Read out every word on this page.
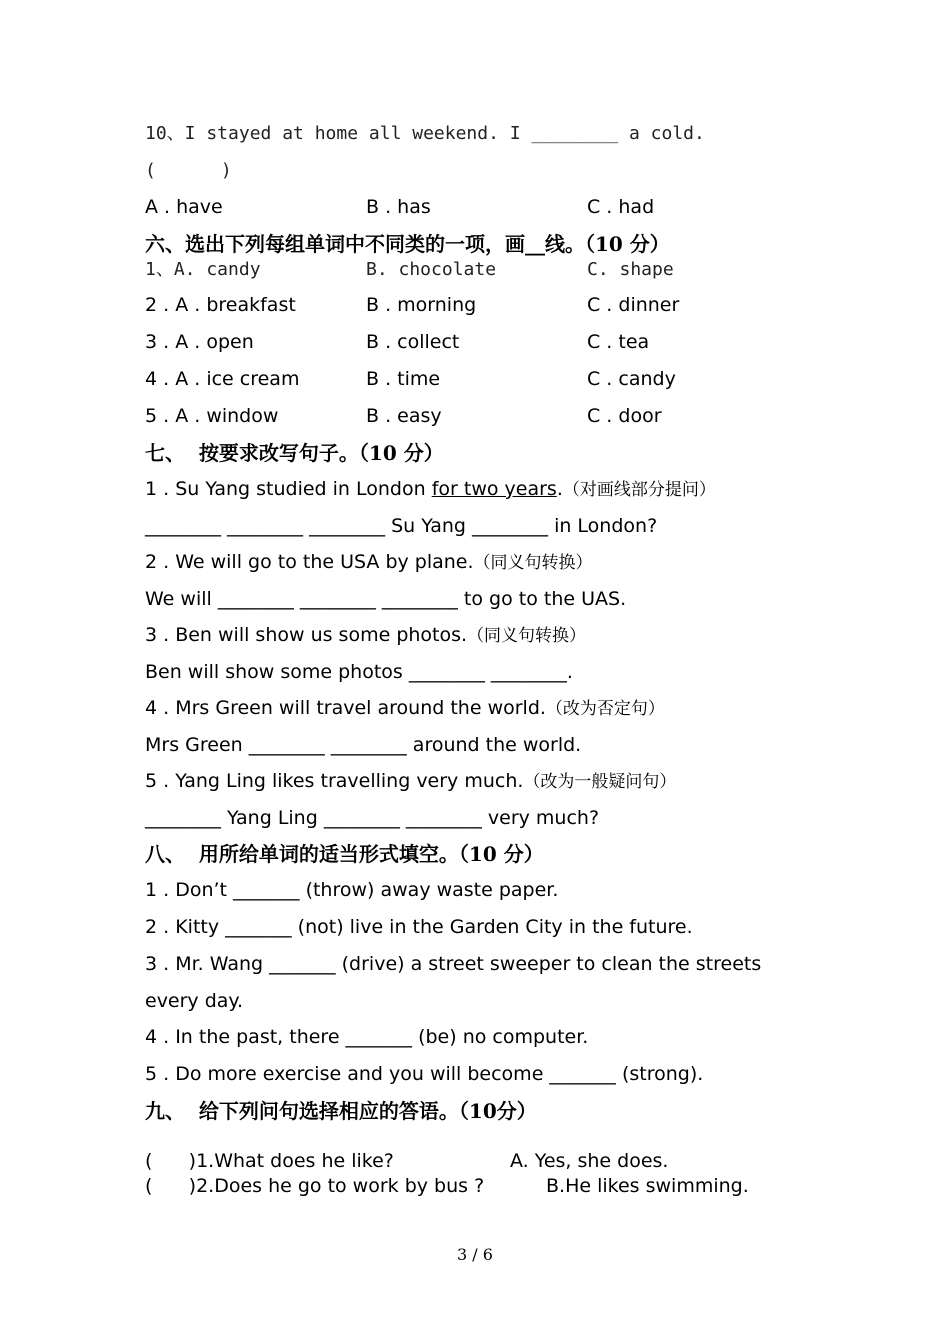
10、I stayed at home all weekend. I ________ a cold.
(      )
A . have	B . has	C . had
六、选出下列每组单词中不同类的一项，画__线。（10 分）
1、A. candy	B. chocolate	C. shape
2 . A . breakfast	B . morning	C . dinner
3 . A . open	B . collect	C . tea
4 . A . ice cream	B . time	C . candy
5 . A . window	B . easy	C . door
七、  按要求改写句子。（10 分）
1 . Su Yang studied in London for two years.（对画线部分提问）
________ ________ ________ Su Yang ________ in London?
2 . We will go to the USA by plane.（同义句转换）
We will ________ ________ ________ to go to the UAS.
3 . Ben will show us some photos.（同义句转换）
Ben will show some photos ________ ________.
4 . Mrs Green will travel around the world.（改为否定句）
Mrs Green ________ ________ around the world.
5 . Yang Ling likes travelling very much.（改为一般疑问句）
________ Yang Ling ________ ________ very much?
八、  用所给单词的适当形式填空。（10 分）
1 . Don’t _______ (throw) away waste paper.
2 . Kitty _______ (not) live in the Garden City in the future.
3 . Mr. Wang _______ (drive) a street sweeper to clean the streets
every day.
4 . In the past, there _______ (be) no computer.
5 . Do more exercise and you will become _______ (strong).
九、  给下列问句选择相应的答语。（10分）
(      )1.What does he like?	A. Yes, she does.
(      )2.Does he go to work by bus ?	B.He likes swimming.
3 / 6
